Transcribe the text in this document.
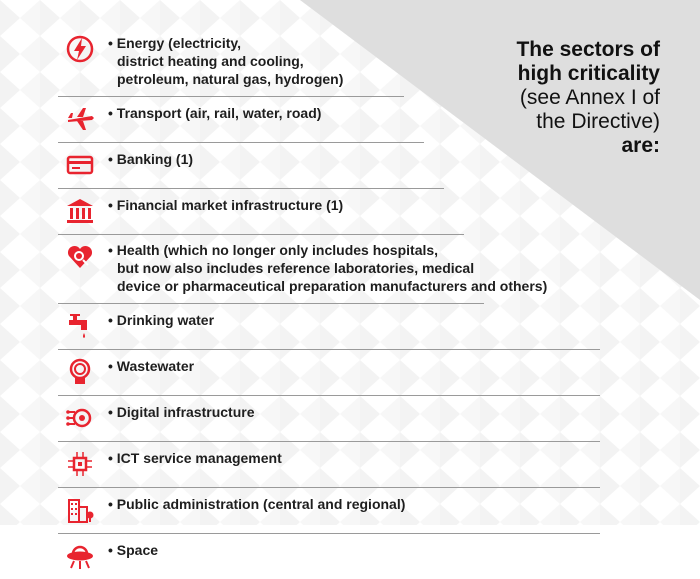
The sectors of
high criticality
(see Annex I of
the Directive)
are:
• Energy (electricity,
district heating and cooling,
petroleum, natural gas, hydrogen)
• Transport (air, rail, water, road)
• Banking (1)
• Financial market infrastructure (1)
• Health (which no longer only includes hospitals,
but now also includes reference laboratories, medical
device or pharmaceutical preparation manufacturers and others)
• Drinking water
• Wastewater
• Digital infrastructure
• ICT service management
• Public administration (central and regional)
• Space
